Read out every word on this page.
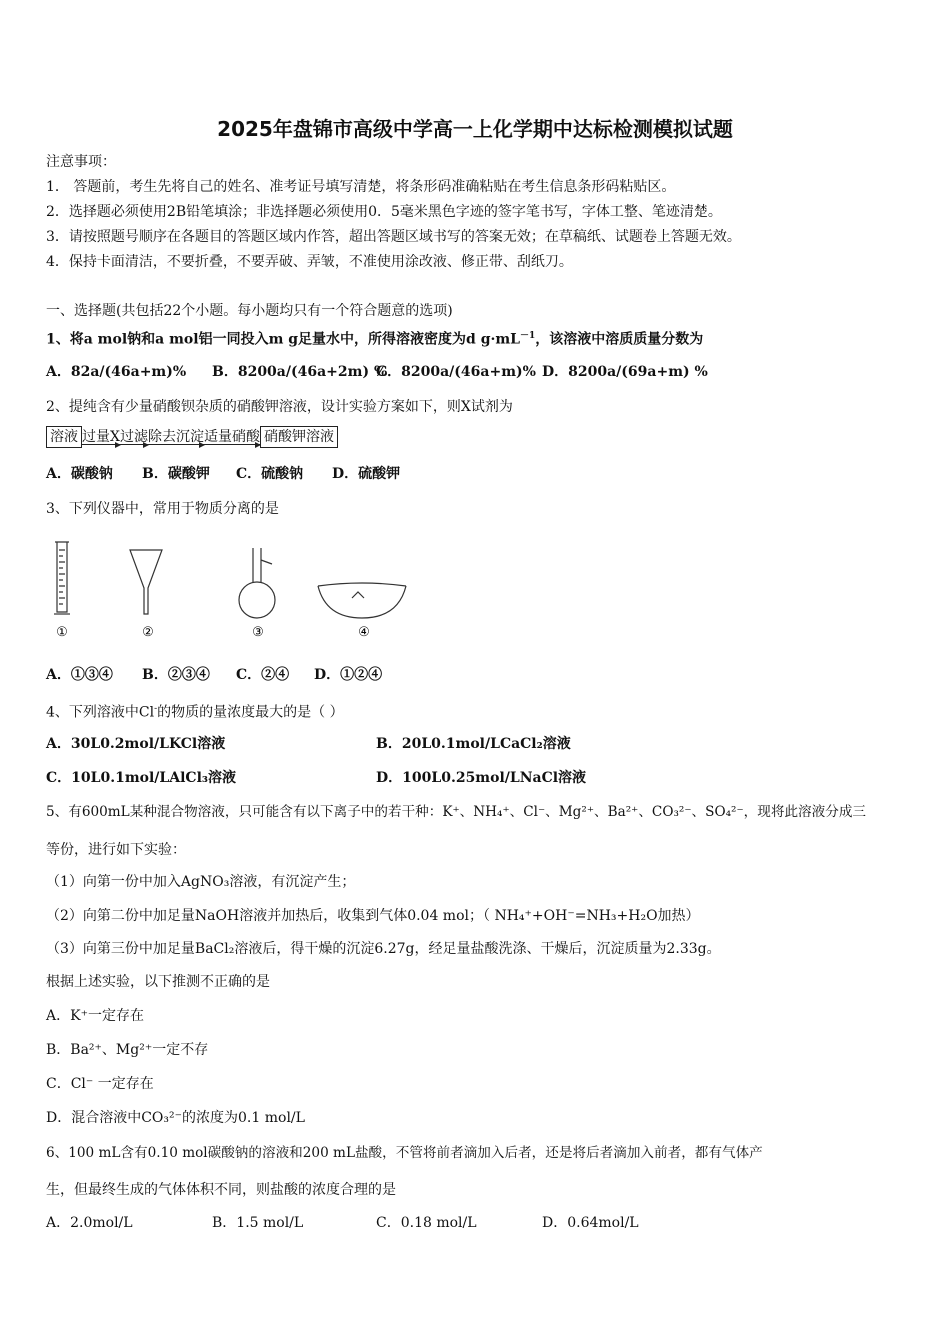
2025年盘锦市高级中学高一上化学期中达标检测模拟试题
注意事项：
1． 答题前，考生先将自己的姓名、准考证号填写清楚，将条形码准确粘贴在考生信息条形码粘贴区。
2．选择题必须使用2B铅笔填涂；非选择题必须使用0．5毫米黑色字迹的签字笔书写，字体工整、笔迹清楚。
3．请按照题号顺序在各题目的答题区域内作答，超出答题区域书写的答案无效；在草稿纸、试题卷上答题无效。
4．保持卡面清洁，不要折叠，不要弄破、弄皱，不准使用涂改液、修正带、刮纸刀。
一、选择题(共包括22个小题。每小题均只有一个符合题意的选项)
1、将a mol钠和a mol铝一同投入m g足量水中，所得溶液密度为d $g\cdot mL^{-1}$，该溶液中溶质质量分数为
A．82a/(46a+m)% B．8200a/(46a+2m) %
C．8200a/(46a+m)% D．8200a/(69a+m) %
2、提纯含有少量硝酸钡杂质的硝酸钾溶液，设计实验方案如下，则X试剂为
溶液 过量X过滤除去沉淀适量硝酸 硝酸钾溶液
A．碳酸钠 B．碳酸钾 C．硫酸钠 D．硫酸钾
3、下列仪器中，常用于物质分离的是
①	②	③	④
A．①③④ B．②③④ C．②④ D．①②④
4、下列溶液中Cl-的物质的量浓度最大的是（ ）
A．30L0.2mol/LKCl溶液	B．20L0.1mol/LCaCl₂溶液
C．10L0.1mol/LAlCl₃溶液	D．100L0.25mol/LNaCl溶液
5、有600mL某种混合物溶液，只可能含有以下离子中的若干种：K⁺、NH₄⁺、Cl⁻、Mg²⁺、Ba²⁺、CO₃²⁻、SO₄²⁻，现将此溶液分成三
等份，进行如下实验：
（1）向第一份中加入AgNO₃溶液，有沉淀产生；
（2）向第二份中加足量NaOH溶液并加热后，收集到气体0.04 mol；（ NH₄⁺+OH⁻=NH₃+H₂O加热）
（3）向第三份中加足量BaCl₂溶液后，得干燥的沉淀6.27g，经足量盐酸洗涤、干燥后，沉淀质量为2.33g。
根据上述实验，以下推测不正确的是
A．K⁺一定存在
B．Ba²⁺、Mg²⁺一定不存
C．Cl⁻ 一定存在
D．混合溶液中CO₃²⁻的浓度为0.1 mol/L
6、100 mL含有0.10 mol碳酸钠的溶液和200 mL盐酸，不管将前者滴加入后者，还是将后者滴加入前者，都有气体产
生，但最终生成的气体体积不同，则盐酸的浓度合理的是
A．2.0mol/L	B．1.5 mol/L	C．0.18 mol/L	D．0.64mol/L
